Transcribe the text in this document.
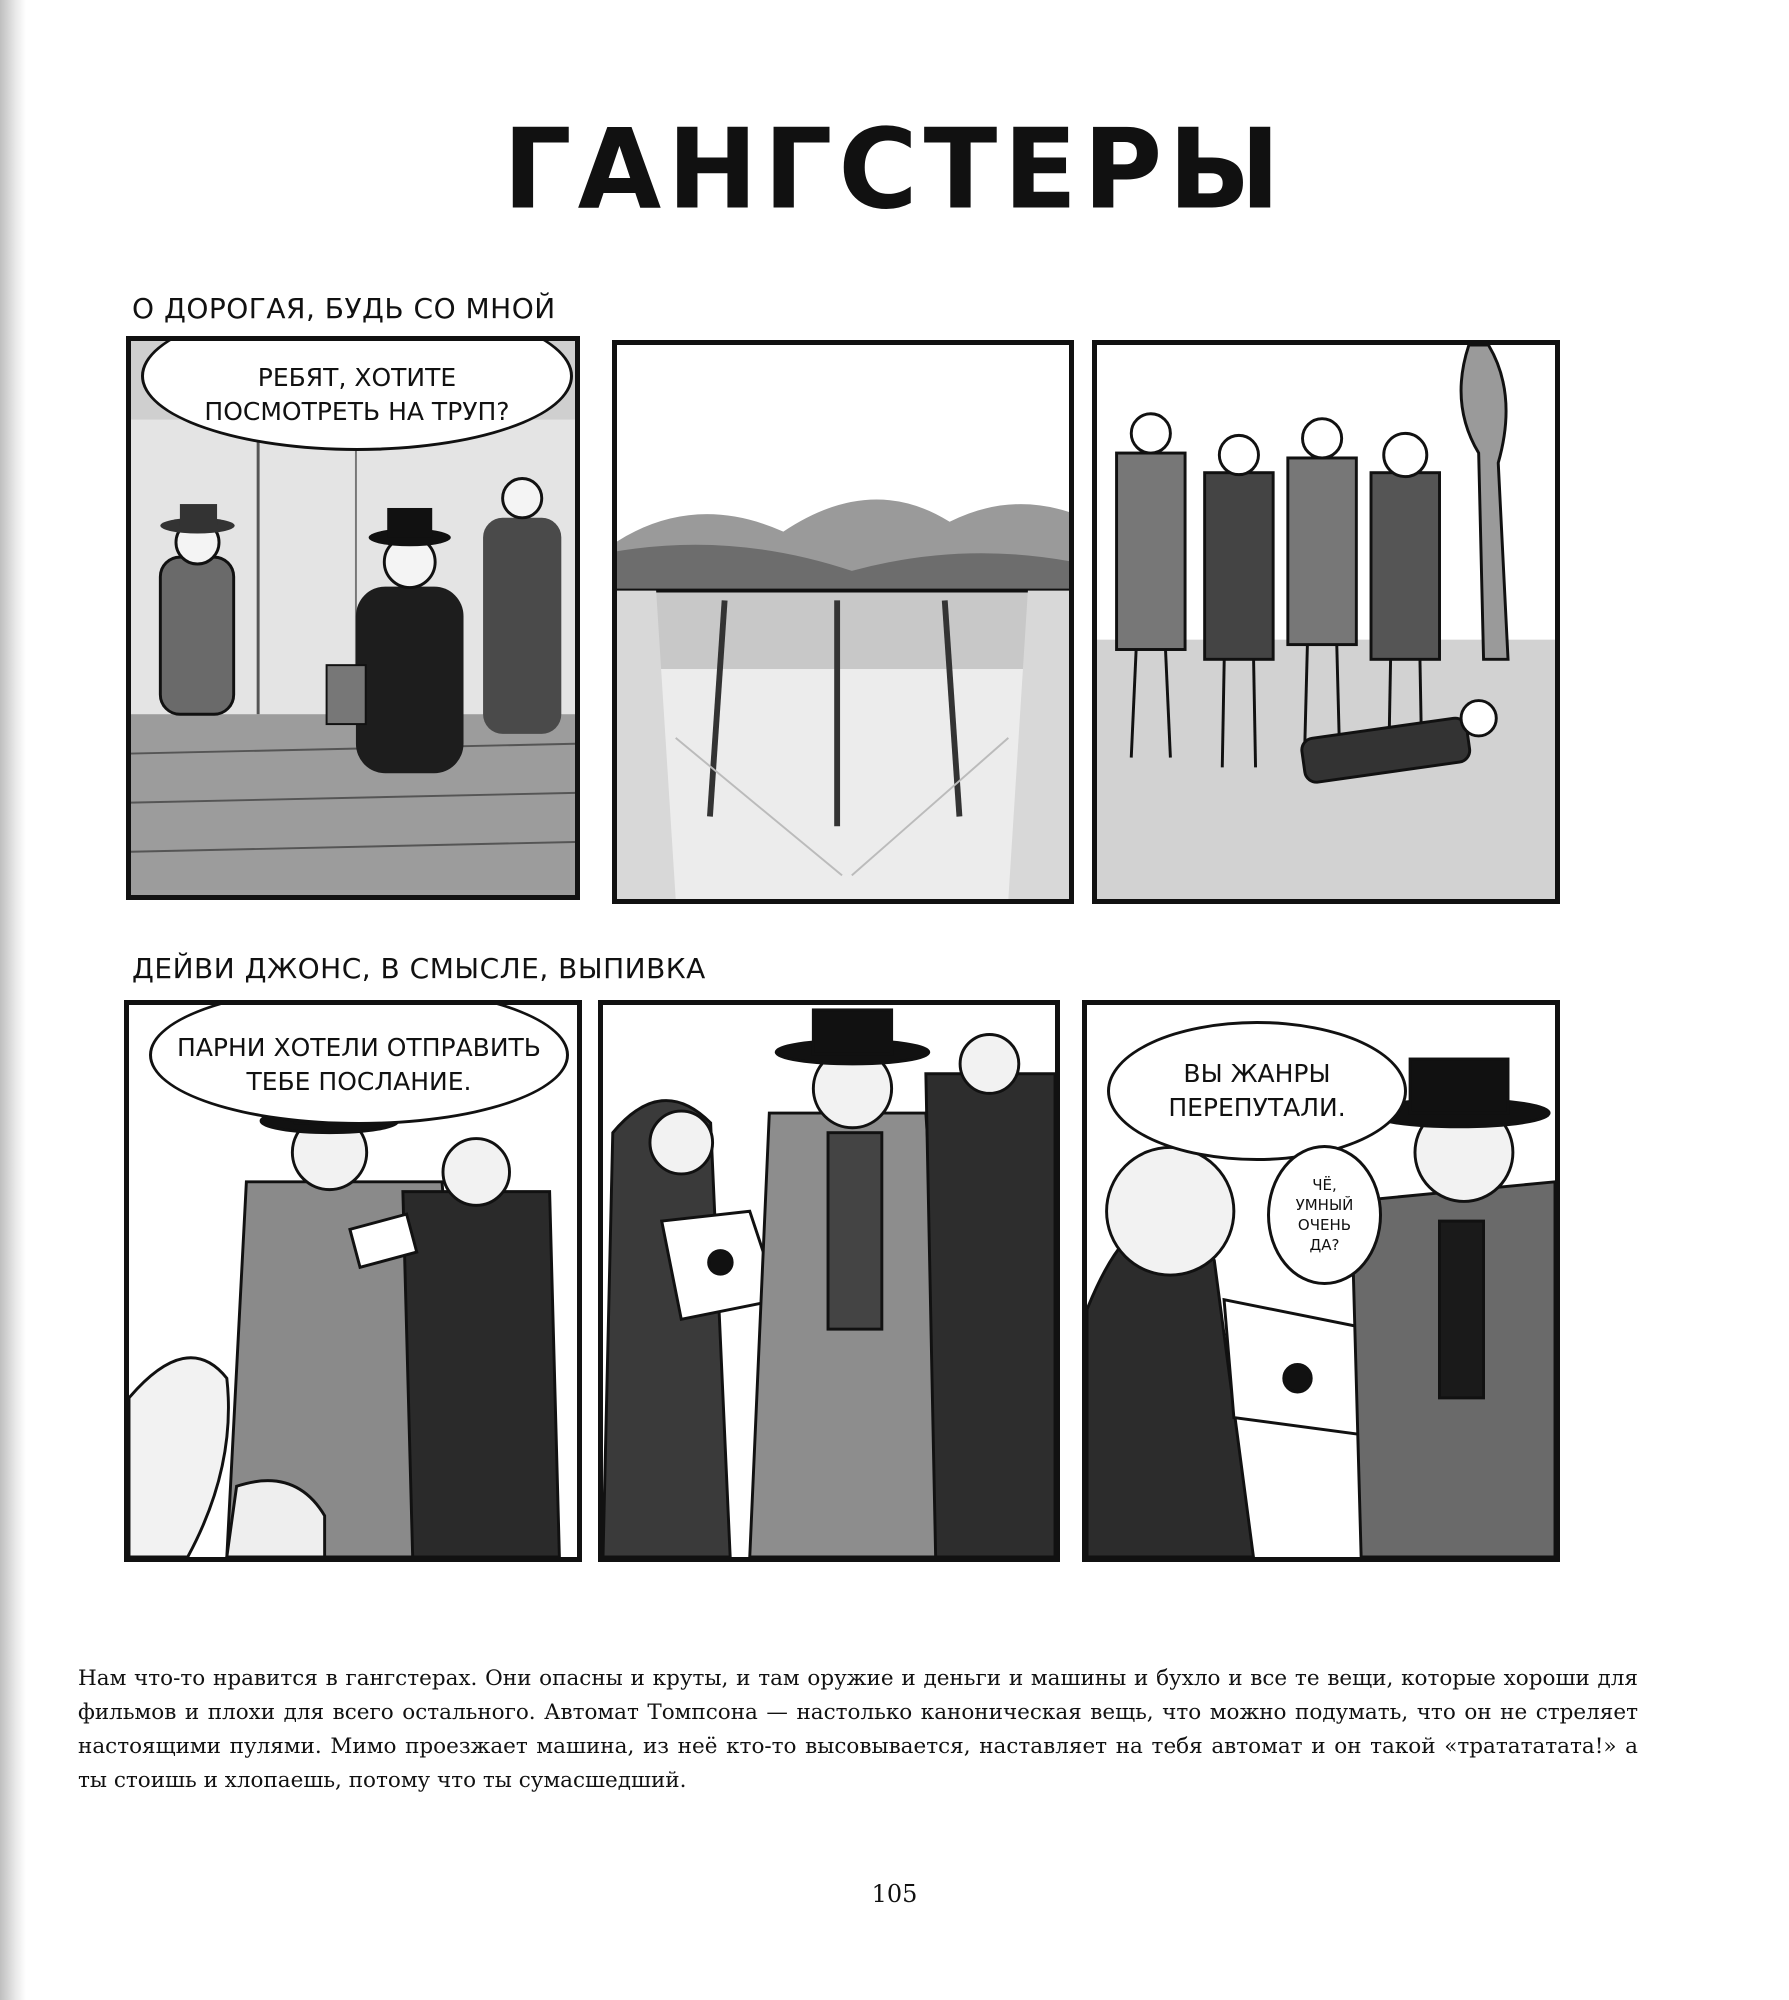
ГАНГСТЕРЫ
О ДОРОГАЯ, БУДЬ СО МНОЙ
РЕБЯТ, ХОТИТЕ
ПОСМОТРЕТЬ НА ТРУП?
ДЕЙВИ ДЖОНС, В СМЫСЛЕ, ВЫПИВКА
ПАРНИ ХОТЕЛИ ОТПРАВИТЬ
ТЕБЕ ПОСЛАНИЕ.	ВЫ ЖАНРЫ
ПЕРЕПУТАЛИ.
ЧЁ,
УМНЫЙ
ОЧЕНЬ
ДА?
Нам что-то нравится в гангстерах. Они опасны и круты, и там оружие и деньги и машины и бухло и все те вещи, которые хороши для фильмов и плохи для всего остального. Автомат Томпсона — настолько каноническая вещь, что можно подумать, что он не стреляет настоящими пулями. Мимо проезжает машина, из неё кто-то высовывается, наставляет на тебя автомат и он такой «тратататата!» а ты стоишь и хлопаешь, потому что ты сумасшедший.
105
